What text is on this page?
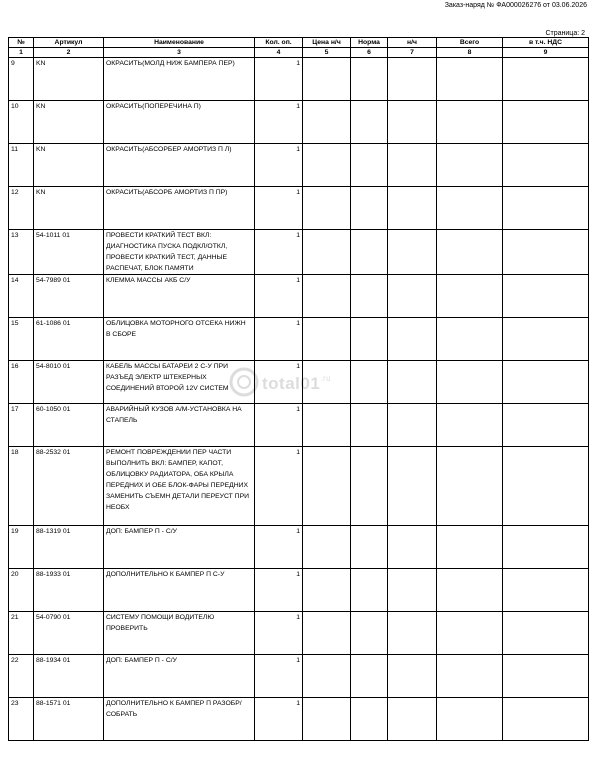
Заказ-наряд № ФА000026276 от 03.06.2026
Страница: 2
$total01^{.ru}$
№	Артикул	Наименование	Кол. оп.	Цена н/ч	Норма	н/ч	Всего	в т.ч. НДС
1	2	3	4	5	6	7	8	9
9	KN	ОКРАСИТЬ(МОЛД НИЖ БАМПЕРА ПЕР)	1					
10	KN	ОКРАСИТЬ(ПОПЕРЕЧИНА П)	1					
11	KN	ОКРАСИТЬ(АБСОРБЕР АМОРТИЗ П Л)	1					
12	KN	ОКРАСИТЬ(АБСОРБ АМОРТИЗ П ПР)	1					
13	54-1011 01	ПРОВЕСТИ КРАТКИЙ ТЕСТ ВКЛ: ДИАГНОСТИКА ПУСКА ПОДКЛ/ОТКЛ, ПРОВЕСТИ КРАТКИЙ ТЕСТ, ДАННЫЕ РАСПЕЧАТ, БЛОК ПАМЯТИ	1					
14	54-7989 01	КЛЕММА МАССЫ АКБ С/У	1					
15	61-1086 01	ОБЛИЦОВКА МОТОРНОГО ОТСЕКА НИЖН В СБОРЕ	1					
16	54-8010 01	КАБЕЛЬ МАССЫ БАТАРЕИ 2 С-У ПРИ РАЗЪЕД ЭЛЕКТР ШТЕКЕРНЫХ СОЕДИНЕНИЙ ВТОРОЙ 12V СИСТЕМ	1					
17	60-1050 01	АВАРИЙНЫЙ КУЗОВ А/М-УСТАНОВКА НА СТАПЕЛЬ	1					
18	88-2532 01	РЕМОНТ ПОВРЕЖДЕНИИ ПЕР ЧАСТИ ВЫПОЛНИТЬ ВКЛ: БАМПЕР, КАПОТ, ОБЛИЦОВКУ РАДИАТОРА, ОБА КРЫЛА ПЕРЕДНИХ И ОБЕ БЛОК-ФАРЫ ПЕРЕДНИХ ЗАМЕНИТЬ СЪЕМН ДЕТАЛИ ПЕРЕУСТ ПРИ НЕОБХ	1					
19	88-1319 01	ДОП: БАМПЕР П - С/У	1					
20	88-1933 01	ДОПОЛНИТЕЛЬНО К БАМПЕР П С-У	1					
21	54-0790 01	СИСТЕМУ ПОМОЩИ ВОДИТЕЛЮ ПРОВЕРИТЬ	1					
22	88-1934 01	ДОП: БАМПЕР П - С/У	1					
23	88-1571 01	ДОПОЛНИТЕЛЬНО К БАМПЕР П РАЗОБР/СОБРАТЬ	1					
